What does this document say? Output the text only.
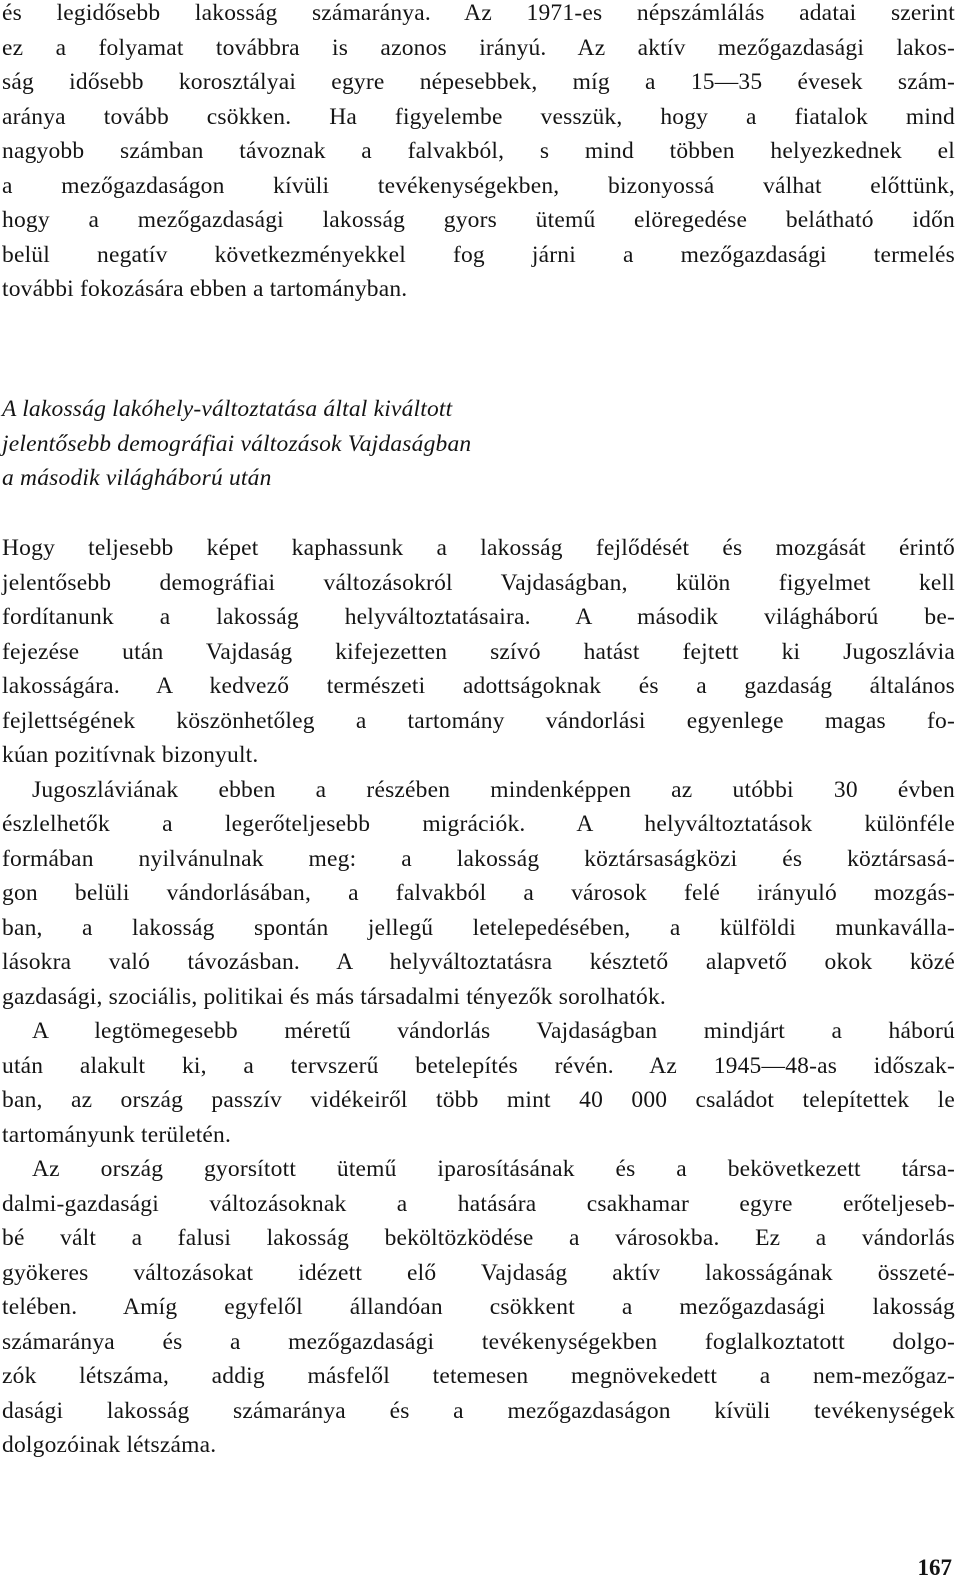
és legidősebb lakosság számaránya. Az 1971-es népszámlálás adatai szerint
ez a folyamat továbbra is azonos irányú. Az aktív mezőgazdasági lakos-
ság idősebb korosztályai egyre népesebbek, míg a 15—35 évesek szám-
aránya tovább csökken. Ha figyelembe vesszük, hogy a fiatalok mind
nagyobb számban távoznak a falvakból, s mind többen helyezkednek el
a mezőgazdaságon kívüli tevékenységekben, bizonyossá válhat előttünk,
hogy a mezőgazdasági lakosság gyors ütemű elöregedése belátható időn
belül negatív következményekkel fog járni a mezőgazdasági termelés
további fokozására ebben a tartományban.
A lakosság lakóhely-változtatása által kiváltott
jelentősebb demográfiai változások Vajdaságban
a második világháború után
Hogy teljesebb képet kaphassunk a lakosság fejlődését és mozgását érintő
jelentősebb demográfiai változásokról Vajdaságban, külön figyelmet kell
fordítanunk a lakosság helyváltoztatásaira. A második világháború be-
fejezése után Vajdaság kifejezetten szívó hatást fejtett ki Jugoszlávia
lakosságára. A kedvező természeti adottságoknak és a gazdaság általános
fejlettségének köszönhetőleg a tartomány vándorlási egyenlege magas fo-
kúan pozitívnak bizonyult.
Jugoszláviának ebben a részében mindenképpen az utóbbi 30 évben
észlelhetők a legerőteljesebb migrációk. A helyváltoztatások különféle
formában nyilvánulnak meg: a lakosság köztársaságközi és köztársasá-
gon belüli vándorlásában, a falvakból a városok felé irányuló mozgás-
ban, a lakosság spontán jellegű letelepedésében, a külföldi munkaválla-
lásokra való távozásban. A helyváltoztatásra késztető alapvető okok közé
gazdasági, szociális, politikai és más társadalmi tényezők sorolhatók.
A legtömegesebb méretű vándorlás Vajdaságban mindjárt a háború
után alakult ki, a tervszerű betelepítés révén. Az 1945—48-as időszak-
ban, az ország passzív vidékeiről több mint 40 000 családot telepítettek le
tartományunk területén.
Az ország gyorsított ütemű iparosításának és a bekövetkezett társa-
dalmi-gazdasági változásoknak a hatására csakhamar egyre erőteljeseb-
bé vált a falusi lakosság beköltözködése a városokba. Ez a vándorlás
gyökeres változásokat idézett elő Vajdaság aktív lakosságának összeté-
telében. Amíg egyfelől állandóan csökkent a mezőgazdasági lakosság
számaránya és a mezőgazdasági tevékenységekben foglalkoztatott dolgo-
zók létszáma, addig másfelől tetemesen megnövekedett a nem-mezőgaz-
dasági lakosság számaránya és a mezőgazdaságon kívüli tevékenységek
dolgozóinak létszáma.
167
